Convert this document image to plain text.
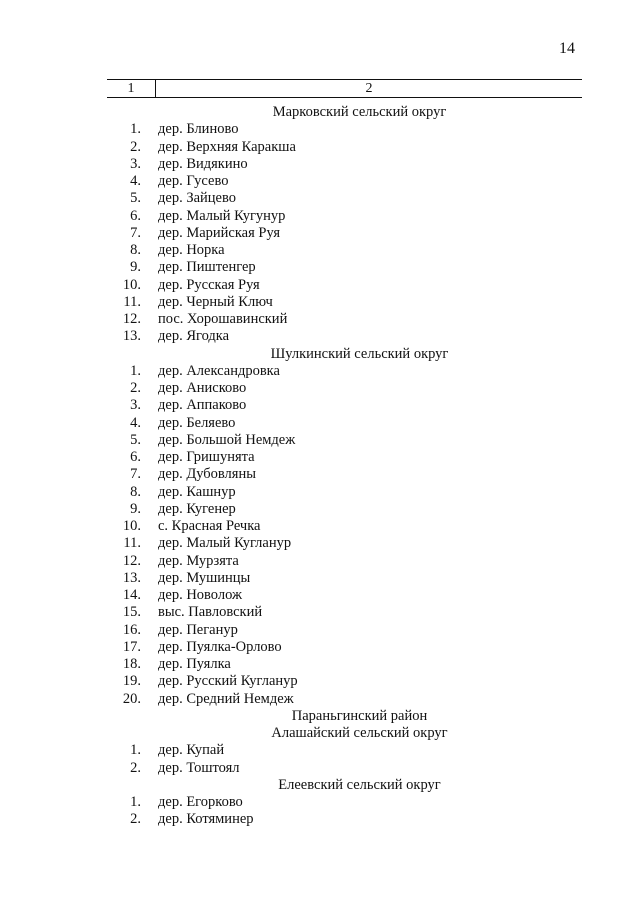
14
1	2
Марковский сельский округ
1. дер. Блиново
2. дер. Верхняя Каракша
3. дер. Видякино
4. дер. Гусево
5. дер. Зайцево
6. дер. Малый Кугунур
7. дер. Марийская Руя
8. дер. Норка
9. дер. Пиштенгер
10. дер. Русская Руя
11. дер. Черный Ключ
12. пос. Хорошавинский
13. дер. Ягодка
Шулкинский сельский округ
1. дер. Александровка
2. дер. Анисково
3. дер. Аппаково
4. дер. Беляево
5. дер. Большой Немдеж
6. дер. Гришунята
7. дер. Дубовляны
8. дер. Кашнур
9. дер. Кугенер
10. с. Красная Речка
11. дер. Малый Кугланур
12. дер. Мурзята
13. дер. Мушинцы
14. дер. Новолож
15. выс. Павловский
16. дер. Пеганур
17. дер. Пуялка-Орлово
18. дер. Пуялка
19. дер. Русский Кугланур
20. дер. Средний Немдеж
Параньгинский район
Алашайский сельский округ
1. дер. Купай
2. дер. Тоштоял
Елеевский сельский округ
1. дер. Егорково
2. дер. Котяминер
